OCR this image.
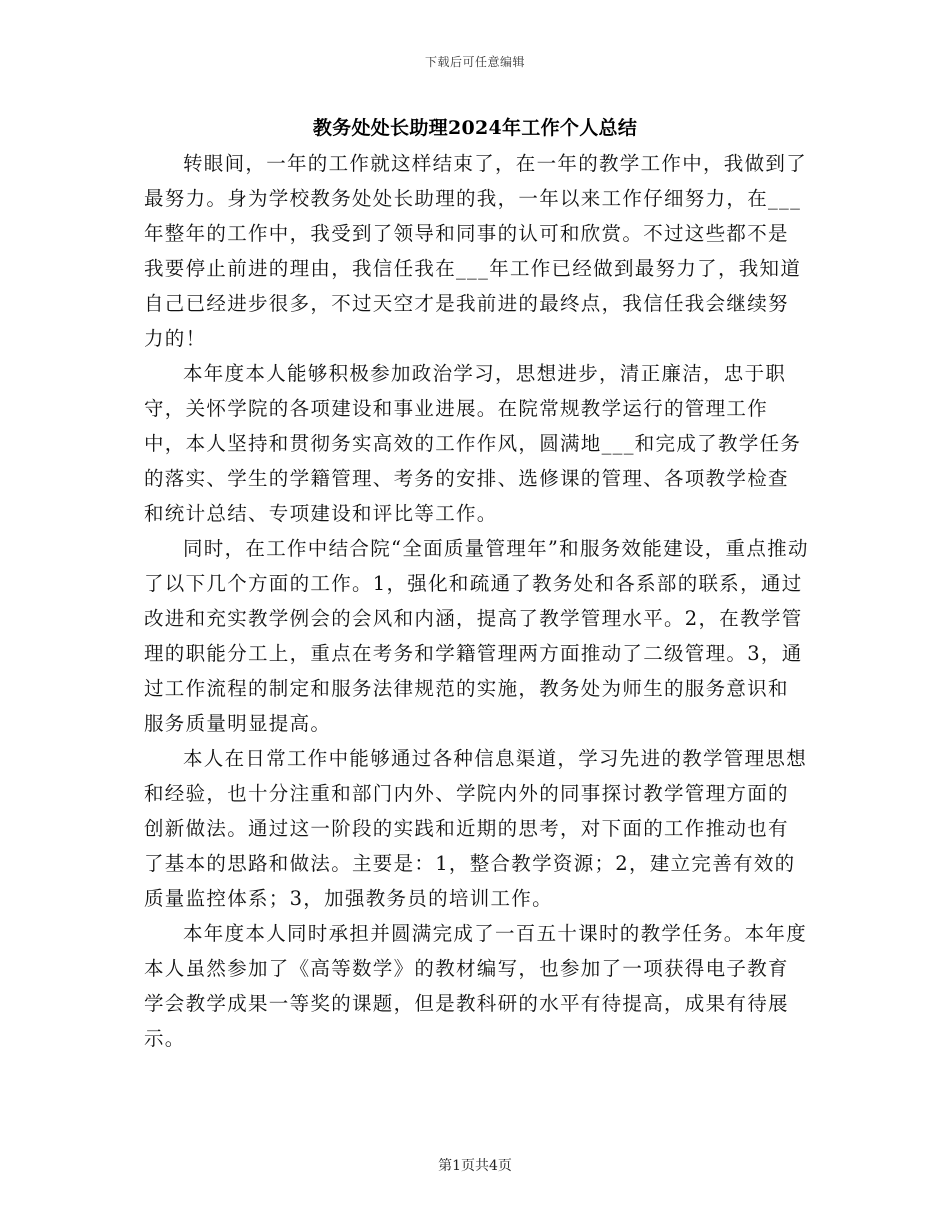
下载后可任意编辑
教务处处长助理2024年工作个人总结

转眼间，一年的工作就这样结束了，在一年的教学工作中，我做到了最努力。身为学校教务处处长助理的我，一年以来工作仔细努力，在___年整年的工作中，我受到了领导和同事的认可和欣赏。不过这些都不是我要停止前进的理由，我信任我在___年工作已经做到最努力了，我知道自己已经进步很多，不过天空才是我前进的最终点，我信任我会继续努力的！

本年度本人能够积极参加政治学习，思想进步，清正廉洁，忠于职守，关怀学院的各项建设和事业进展。在院常规教学运行的管理工作中，本人坚持和贯彻务实高效的工作作风，圆满地___和完成了教学任务的落实、学生的学籍管理、考务的安排、选修课的管理、各项教学检查和统计总结、专项建设和评比等工作。

同时，在工作中结合院“全面质量管理年”和服务效能建设，重点推动了以下几个方面的工作。1，强化和疏通了教务处和各系部的联系，通过改进和充实教学例会的会风和内涵，提高了教学管理水平。2，在教学管理的职能分工上，重点在考务和学籍管理两方面推动了二级管理。3，通过工作流程的制定和服务法律规范的实施，教务处为师生的服务意识和服务质量明显提高。

本人在日常工作中能够通过各种信息渠道，学习先进的教学管理思想和经验，也十分注重和部门内外、学院内外的同事探讨教学管理方面的创新做法。通过这一阶段的实践和近期的思考，对下面的工作推动也有了基本的思路和做法。主要是：1，整合教学资源；2，建立完善有效的质量监控体系；3，加强教务员的培训工作。

本年度本人同时承担并圆满完成了一百五十课时的教学任务。本年度本人虽然参加了《高等数学》的教材编写，也参加了一项获得电子教育学会教学成果一等奖的课题，但是教科研的水平有待提高，成果有待展示。

第1页共4页
